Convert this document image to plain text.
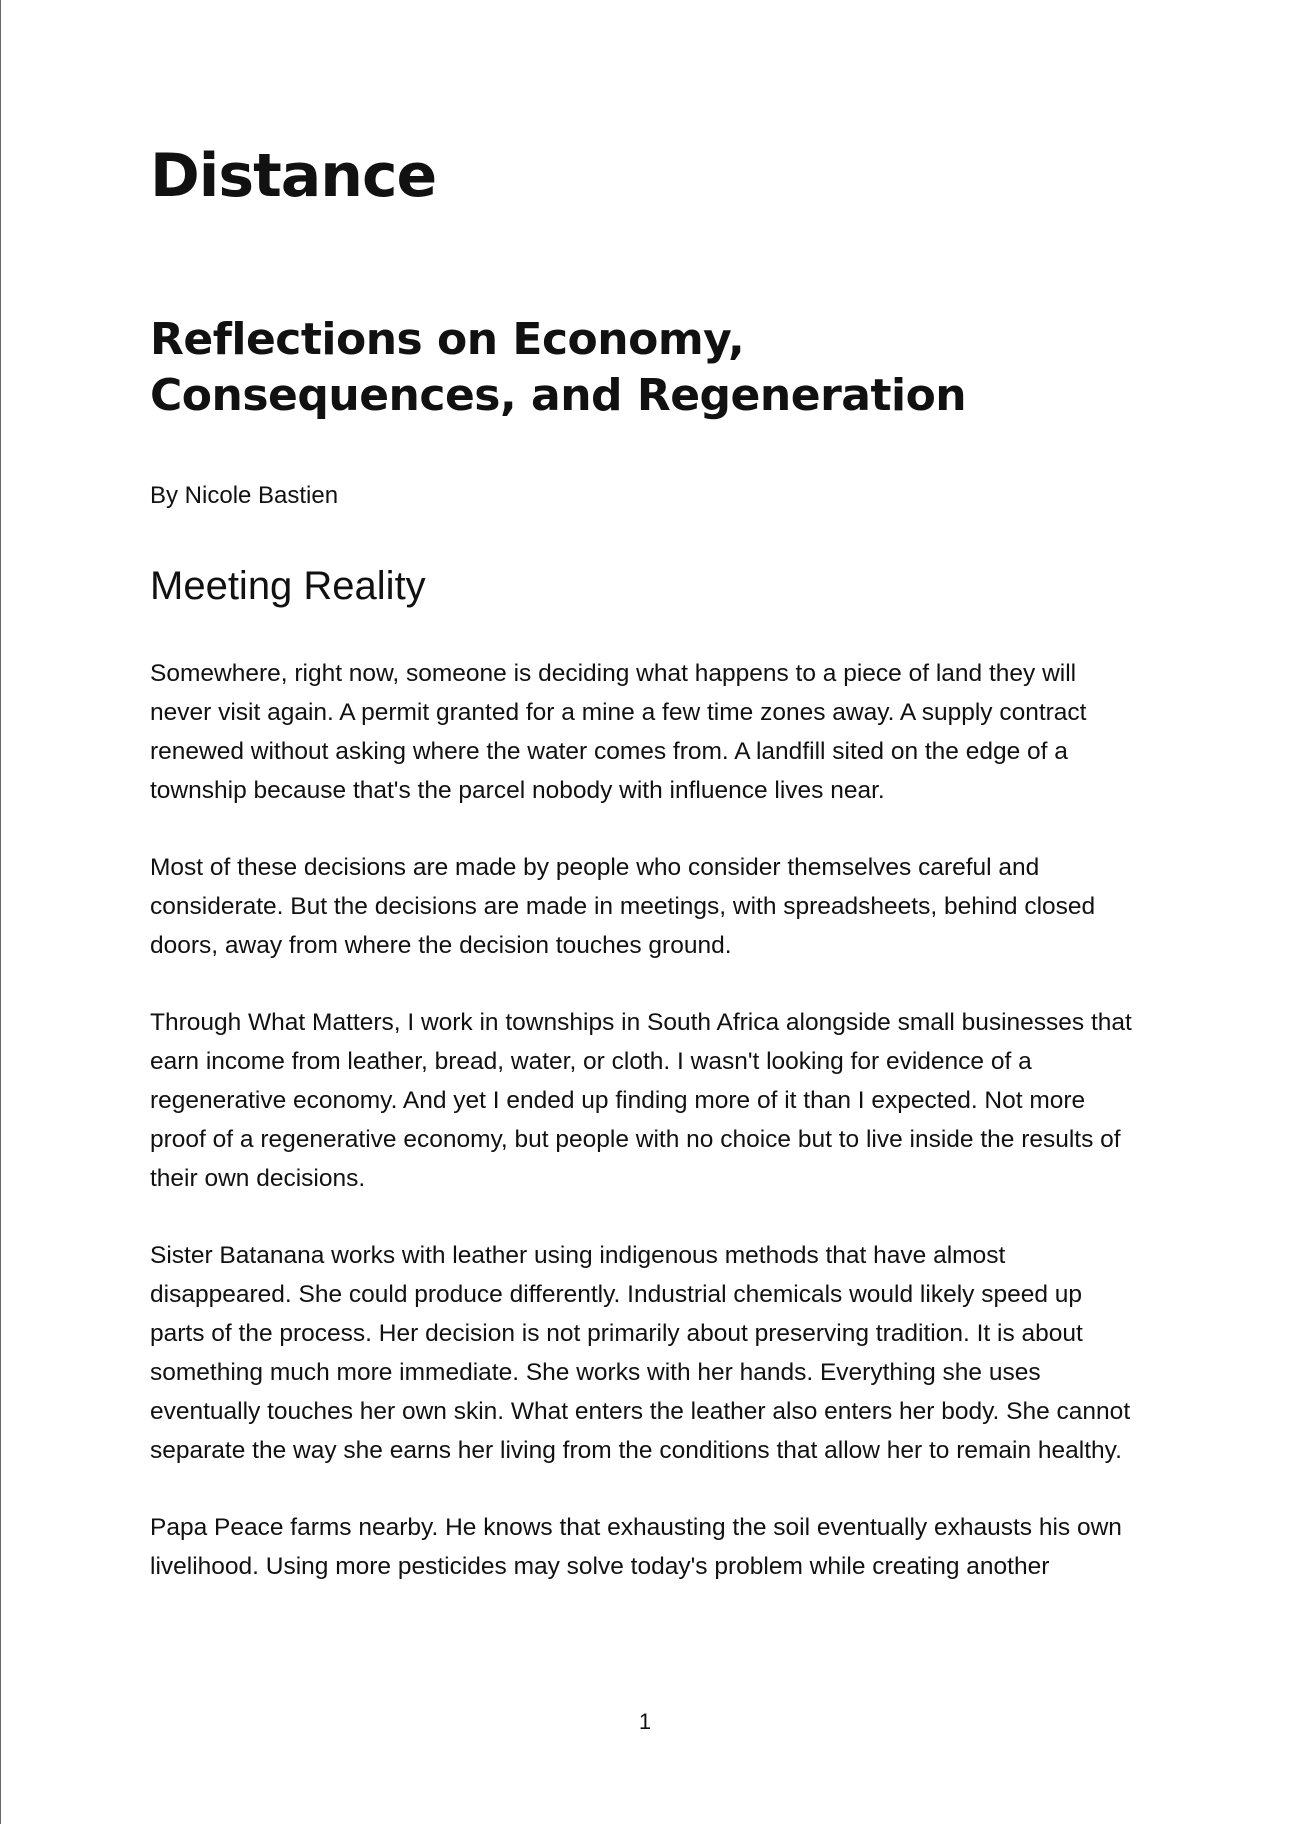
Distance
Reflections on Economy, Consequences, and Regeneration

By Nicole Bastien

Meeting Reality

Somewhere, right now, someone is deciding what happens to a piece of land they will never visit again. A permit granted for a mine a few time zones away. A supply contract renewed without asking where the water comes from. A landfill sited on the edge of a township because that's the parcel nobody with influence lives near.

Most of these decisions are made by people who consider themselves careful and considerate. But the decisions are made in meetings, with spreadsheets, behind closed doors, away from where the decision touches ground.

Through What Matters, I work in townships in South Africa alongside small businesses that earn income from leather, bread, water, or cloth. I wasn't looking for evidence of a regenerative economy. And yet I ended up finding more of it than I expected. Not more proof of a regenerative economy, but people with no choice but to live inside the results of their own decisions.

Sister Batanana works with leather using indigenous methods that have almost disappeared. She could produce differently. Industrial chemicals would likely speed up parts of the process. Her decision is not primarily about preserving tradition. It is about something much more immediate. She works with her hands. Everything she uses eventually touches her own skin. What enters the leather also enters her body. She cannot separate the way she earns her living from the conditions that allow her to remain healthy.

Papa Peace farms nearby. He knows that exhausting the soil eventually exhausts his own livelihood. Using more pesticides may solve today's problem while creating another

1
